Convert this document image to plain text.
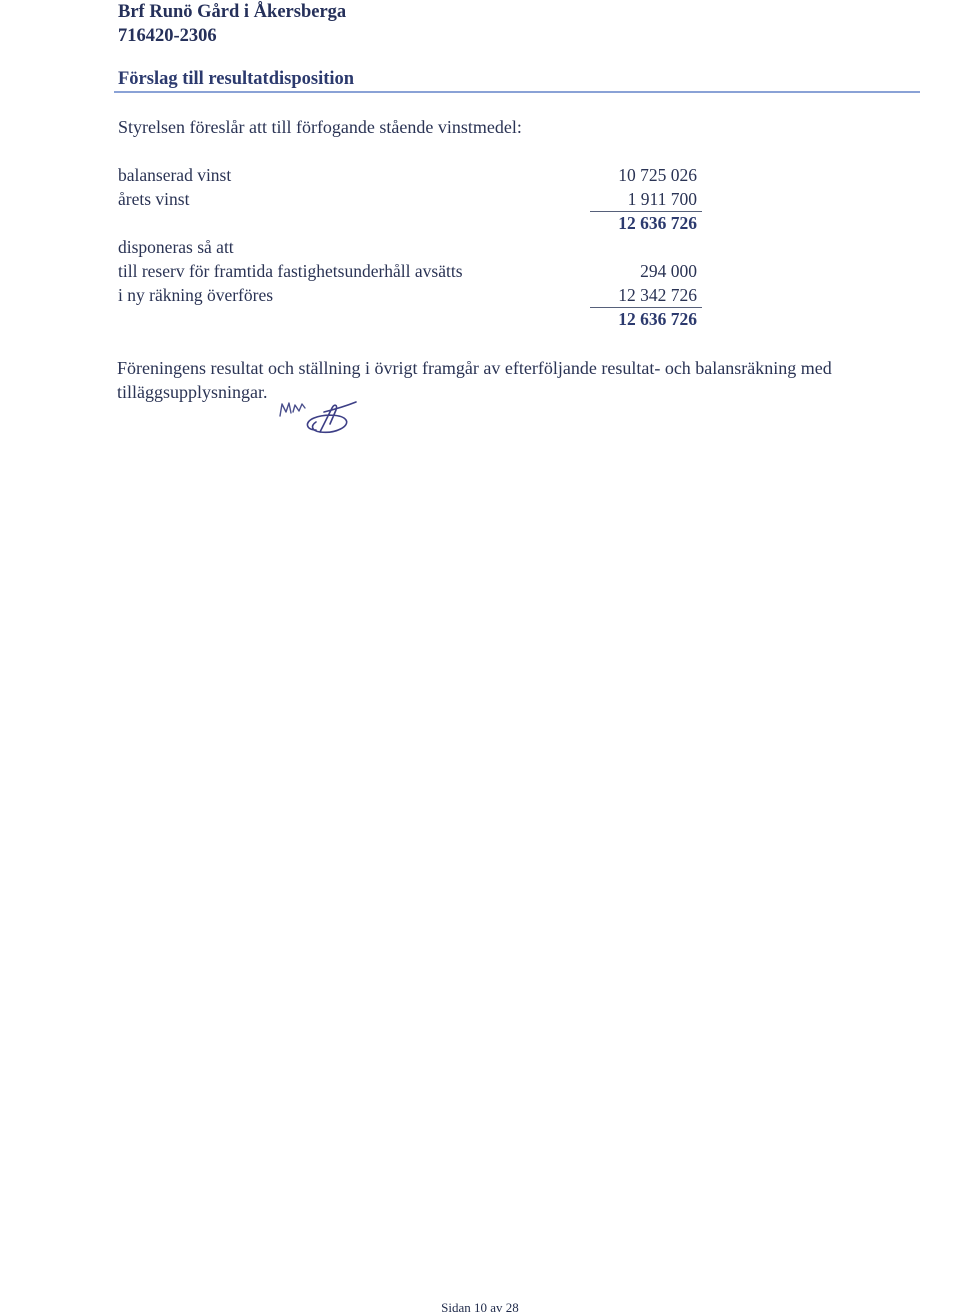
Brf Runö Gård i Åkersberga
716420-2306
Förslag till resultatdisposition
Styrelsen föreslår att till förfogande stående vinstmedel:
balanserad vinst	10 725 026
årets vinst	1 911 700
12 636 726
disponeras så att
till reserv för framtida fastighetsunderhåll avsätts	294 000
i ny räkning överföres	12 342 726
12 636 726
Föreningens resultat och ställning i övrigt framgår av efterföljande resultat- och balansräkning med tilläggsupplysningar.
Sidan 10 av 28
